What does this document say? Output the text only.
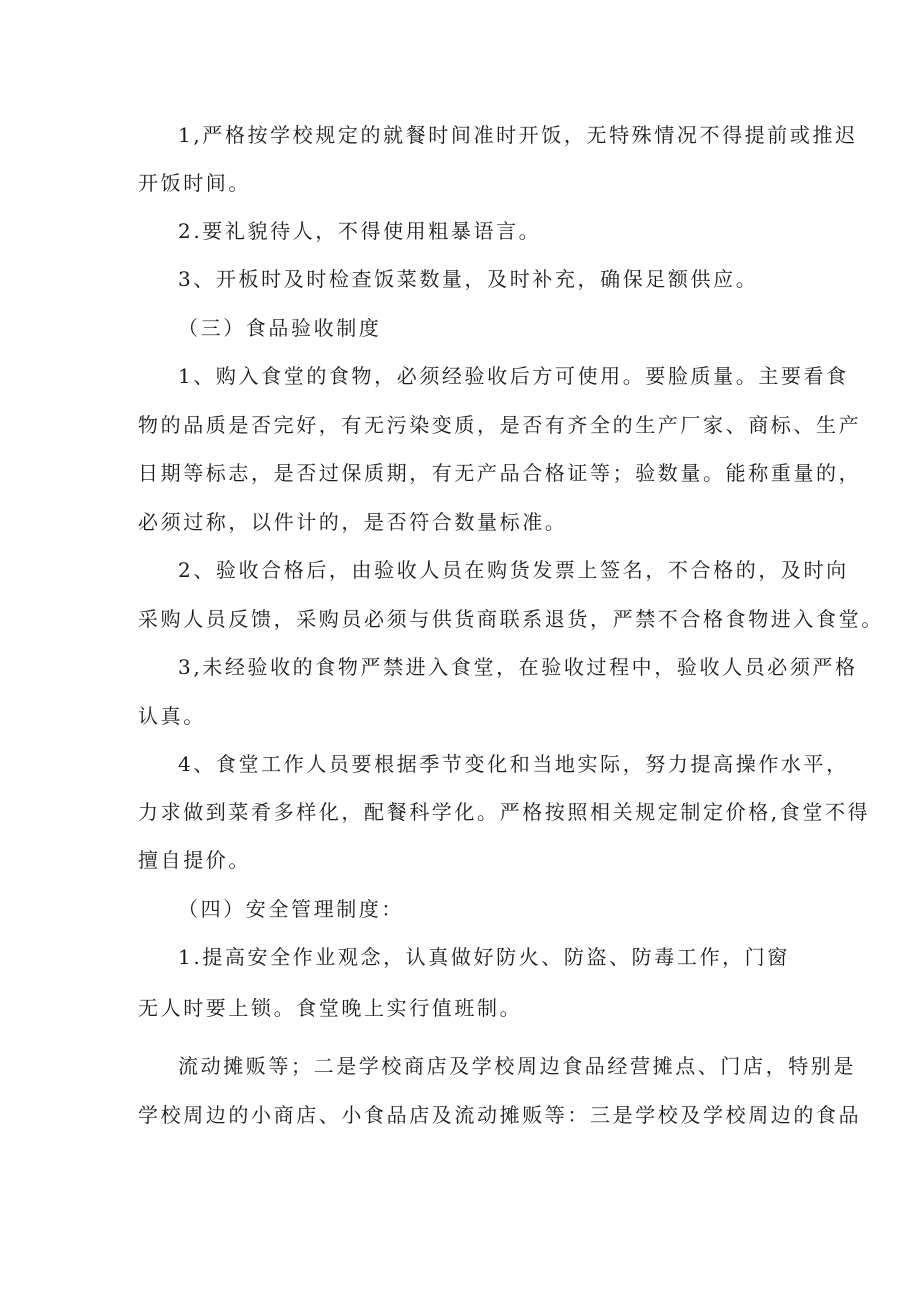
1,严格按学校规定的就餐时间准时开饭，无特殊情况不得提前或推迟
开饭时间。
2.要礼貌待人，不得使用粗暴语言。
3、开板时及时检查饭菜数量，及时补充，确保足额供应。
（三）食品验收制度
1、购入食堂的食物，必须经验收后方可使用。要脸质量。主要看食
物的品质是否完好，有无污染变质，是否有齐全的生产厂家、商标、生产
日期等标志，是否过保质期，有无产品合格证等；验数量。能称重量的，
必须过称，以件计的，是否符合数量标准。
2、验收合格后，由验收人员在购货发票上签名，不合格的，及时向
采购人员反馈，采购员必须与供货商联系退货，严禁不合格食物进入食堂。
3,未经验收的食物严禁进入食堂，在验收过程中，验收人员必须严格
认真。
4、食堂工作人员要根据季节变化和当地实际，努力提高操作水平，
力求做到菜肴多样化，配餐科学化。严格按照相关规定制定价格,食堂不得
擅自提价。
（四）安全管理制度：
1.提高安全作业观念，认真做好防火、防盗、防毒工作，门窗
无人时要上锁。食堂晚上实行值班制。
流动摊贩等；二是学校商店及学校周边食品经营摊点、门店，特别是
学校周边的小商店、小食品店及流动摊贩等：三是学校及学校周边的食品
